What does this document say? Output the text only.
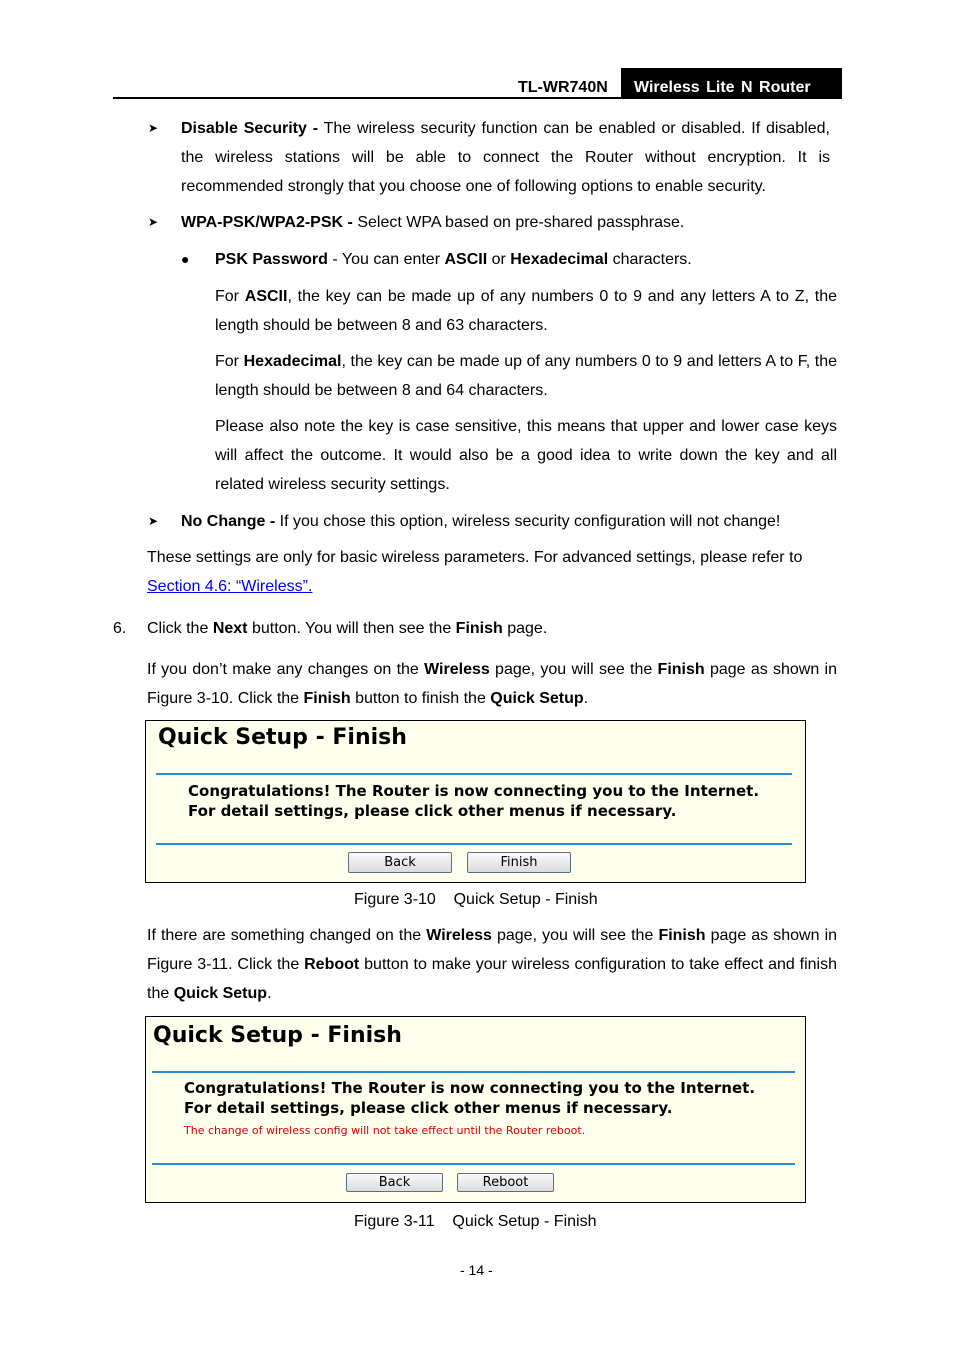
TL-WR740N	Wireless Lite N Router
➤ Disable Security - The wireless security function can be enabled or disabled. If disabled, the wireless stations will be able to connect the Router without encryption. It is recommended strongly that you choose one of following options to enable security.
➤ WPA-PSK/WPA2-PSK - Select WPA based on pre-shared passphrase.
● PSK Password - You can enter ASCII or Hexadecimal characters.
For ASCII, the key can be made up of any numbers 0 to 9 and any letters A to Z, the length should be between 8 and 63 characters.
For Hexadecimal, the key can be made up of any numbers 0 to 9 and letters A to F, the length should be between 8 and 64 characters.
Please also note the key is case sensitive, this means that upper and lower case keys will affect the outcome. It would also be a good idea to write down the key and all related wireless security settings.
➤ No Change - If you chose this option, wireless security configuration will not change!
These settings are only for basic wireless parameters. For advanced settings, please refer to
Section 4.6: “Wireless”.
6. Click the Next button. You will then see the Finish page.
If you don’t make any changes on the Wireless page, you will see the Finish page as shown in Figure 3-10. Click the Finish button to finish the Quick Setup.
Quick Setup - Finish
Congratulations! The Router is now connecting you to the Internet. For detail settings, please click other menus if necessary.
Back	Finish
Figure 3-10    Quick Setup - Finish
If there are something changed on the Wireless page, you will see the Finish page as shown in Figure 3-11. Click the Reboot button to make your wireless configuration to take effect and finish the Quick Setup.
Quick Setup - Finish
Congratulations! The Router is now connecting you to the Internet. For detail settings, please click other menus if necessary.
The change of wireless config will not take effect until the Router reboot.
Back	Reboot
Figure 3-11    Quick Setup - Finish
- 14 -
